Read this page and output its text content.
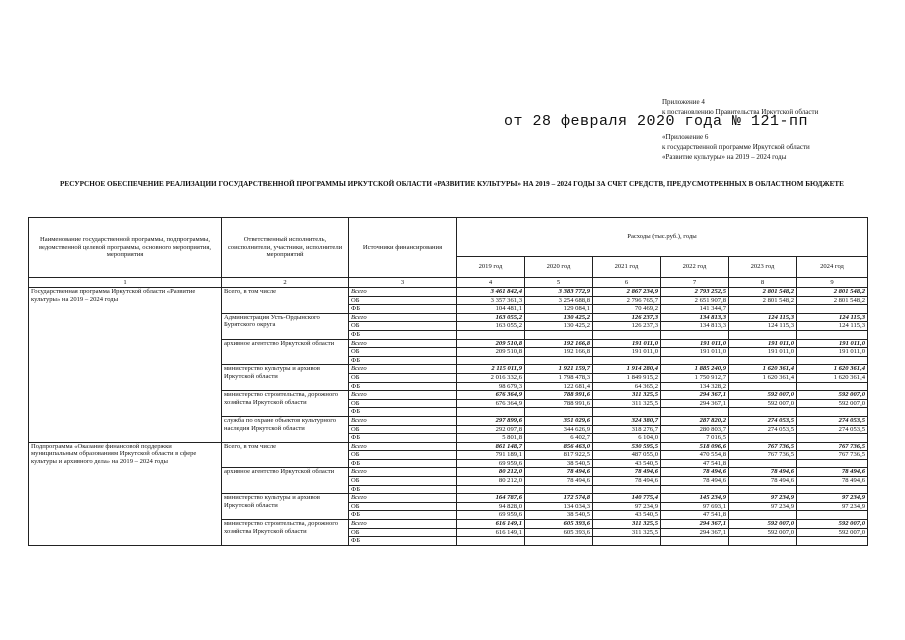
Приложение 4
к постановлению Правительства Иркутской области
от 28 февраля 2020 года № 121-пп
«Приложение 6
к государственной программе Иркутской области
«Развитие культуры» на 2019 – 2024 годы
РЕСУРСНОЕ ОБЕСПЕЧЕНИЕ РЕАЛИЗАЦИИ ГОСУДАРСТВЕННОЙ ПРОГРАММЫ ИРКУТСКОЙ ОБЛАСТИ «РАЗВИТИЕ КУЛЬТУРЫ» НА 2019 – 2024 ГОДЫ ЗА СЧЕТ СРЕДСТВ, ПРЕДУСМОТРЕННЫХ В ОБЛАСТНОМ БЮДЖЕТЕ
Наименование государственной программы, подпрограммы, ведомственной целевой программы, основного мероприятия, мероприятия	Ответственный исполнитель, соисполнители, участники, исполнители мероприятий	Источники финансирования	Расходы (тыс.руб.), годы					
			2019 год	2020 год	2021 год	2022 год	2023 год	2024 год
1	2	3	4	5	6	7	8	9
Государственная программа Иркутской области «Развитие культуры» на 2019 – 2024 годы	Всего, в том числе	Всего	3 461 842,4	3 383 772,9	2 867 234,9	2 793 252,5	2 801 548,2	2 801 548,2
		ОБ	3 357 361,3	3 254 688,8	2 796 765,7	2 651 907,8	2 801 548,2	2 801 548,2
		ФБ	104 481,1	129 084,1	70 469,2	141 344,7		
	Администрация Усть-Ордынского Бурятского округа	Всего	163 055,2	130 425,2	126 237,3	134 813,3	124 115,3	124 115,3
		ОБ	163 055,2	130 425,2	126 237,3	134 813,3	124 115,3	124 115,3
		ФБ						
	архивное агентство Иркутской области	Всего	209 510,8	192 166,8	191 011,0	191 011,0	191 011,0	191 011,0
		ОБ	209 510,8	192 166,8	191 011,0	191 011,0	191 011,0	191 011,0
		ФБ						
	министерство культуры и архивов Иркутской области	Всего	2 115 011,9	1 921 159,7	1 914 280,4	1 885 240,9	1 620 361,4	1 620 361,4
		ОБ	2 016 332,6	1 798 478,3	1 849 915,2	1 750 912,7	1 620 361,4	1 620 361,4
		ФБ	98 679,3	122 681,4	64 365,2	134 328,2		
	министерство строительства, дорожного хозяйства Иркутской области	Всего	676 364,9	788 991,6	311 325,5	294 367,1	592 007,0	592 007,0
		ОБ	676 364,9	788 991,6	311 325,5	294 367,1	592 007,0	592 007,0
		ФБ						
	служба по охране объектов культурного наследия Иркутской области	Всего	297 899,6	351 029,6	324 380,7	287 820,2	274 053,5	274 053,5
		ОБ	292 097,8	344 626,9	318 276,7	280 803,7	274 053,5	274 053,5
		ФБ	5 801,8	6 402,7	6 104,0	7 016,5		
Подпрограмма «Оказание финансовой поддержки муниципальным образованиям Иркутской области в сфере культуры и архивного дела» на 2019 – 2024 годы	Всего, в том числе	Всего	861 148,7	856 463,0	530 595,5	518 096,6	767 736,5	767 736,5
		ОБ	791 189,1	817 922,5	487 055,0	470 554,8	767 736,5	767 736,5
		ФБ	69 959,6	38 540,5	43 540,5	47 541,8		
	архивное агентство Иркутской области	Всего	80 212,0	78 494,6	78 494,6	78 494,6	78 494,6	78 494,6
		ОБ	80 212,0	78 494,6	78 494,6	78 494,6	78 494,6	78 494,6
		ФБ						
	министерство культуры и архивов Иркутской области	Всего	164 787,6	172 574,8	140 775,4	145 234,9	97 234,9	97 234,9
		ОБ	94 828,0	134 034,3	97 234,9	97 693,1	97 234,9	97 234,9
		ФБ	69 959,6	38 540,5	43 540,5	47 541,8		
	министерство строительства, дорожного хозяйства Иркутской области	Всего	616 149,1	605 393,6	311 325,5	294 367,1	592 007,0	592 007,0
		ОБ	616 149,1	605 393,6	311 325,5	294 367,1	592 007,0	592 007,0
		ФБ						
